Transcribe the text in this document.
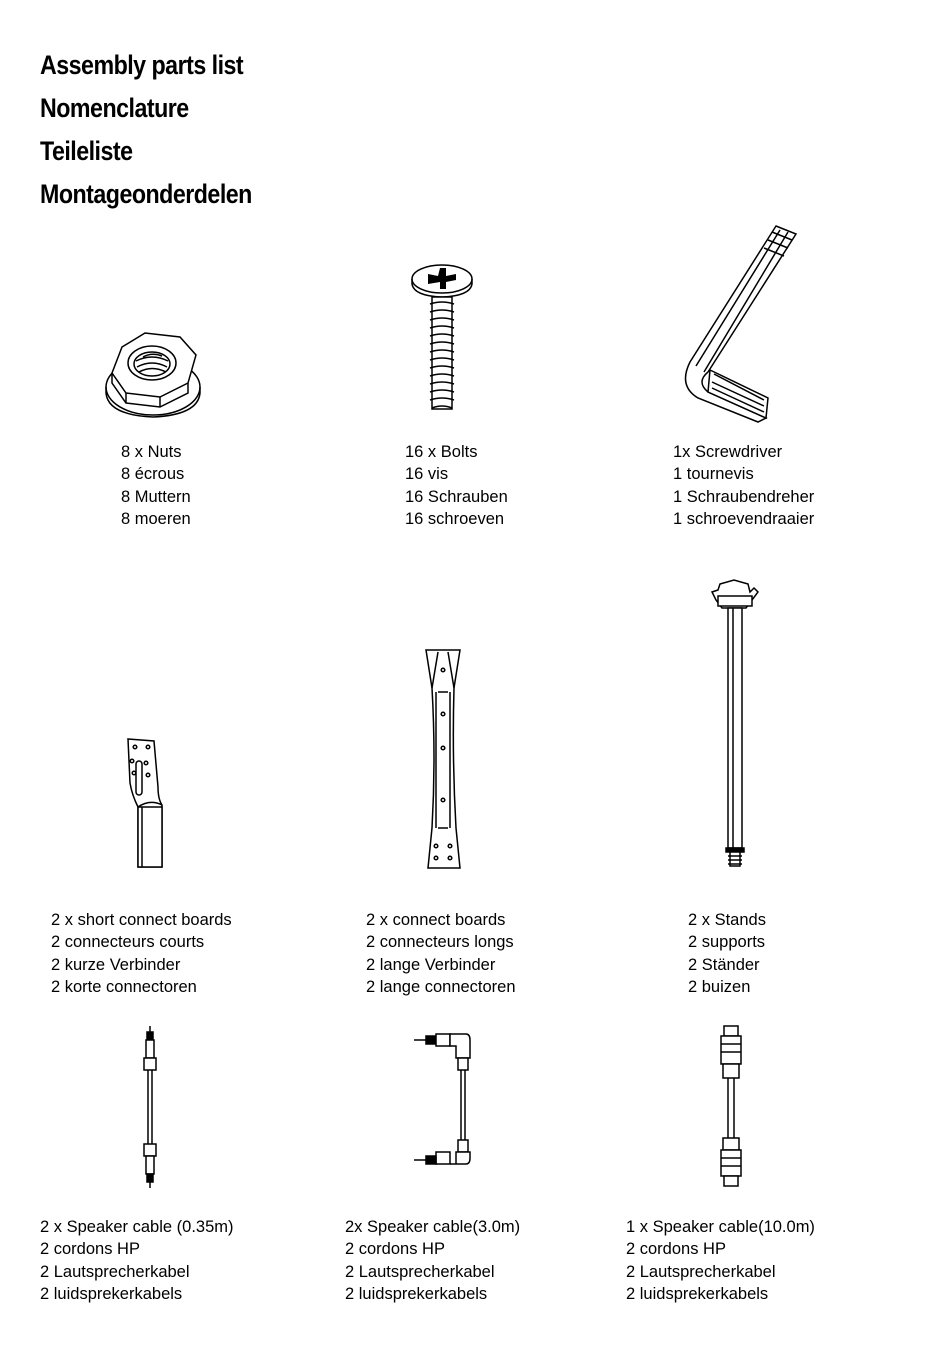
Assembly parts list
Nomenclature
Teileliste
Montageonderdelen
8 x Nuts
8 écrous
8 Muttern
8 moeren
16 x Bolts
16 vis
16 Schrauben
16 schroeven
1x Screwdriver
1 tournevis
1 Schraubendreher
1 schroevendraaier
2 x short connect boards
2 connecteurs courts
2 kurze Verbinder
2 korte connectoren
2 x connect boards
2 connecteurs longs
2 lange Verbinder
2 lange connectoren
2 x Stands
2 supports
2 Ständer
2 buizen
2 x Speaker cable (0.35m)
2 cordons HP
2 Lautsprecherkabel
2 luidsprekerkabels
2x Speaker cable(3.0m)
2 cordons HP
2 Lautsprecherkabel
2 luidsprekerkabels
1 x Speaker cable(10.0m)
2 cordons HP
2 Lautsprecherkabel
2 luidsprekerkabels
